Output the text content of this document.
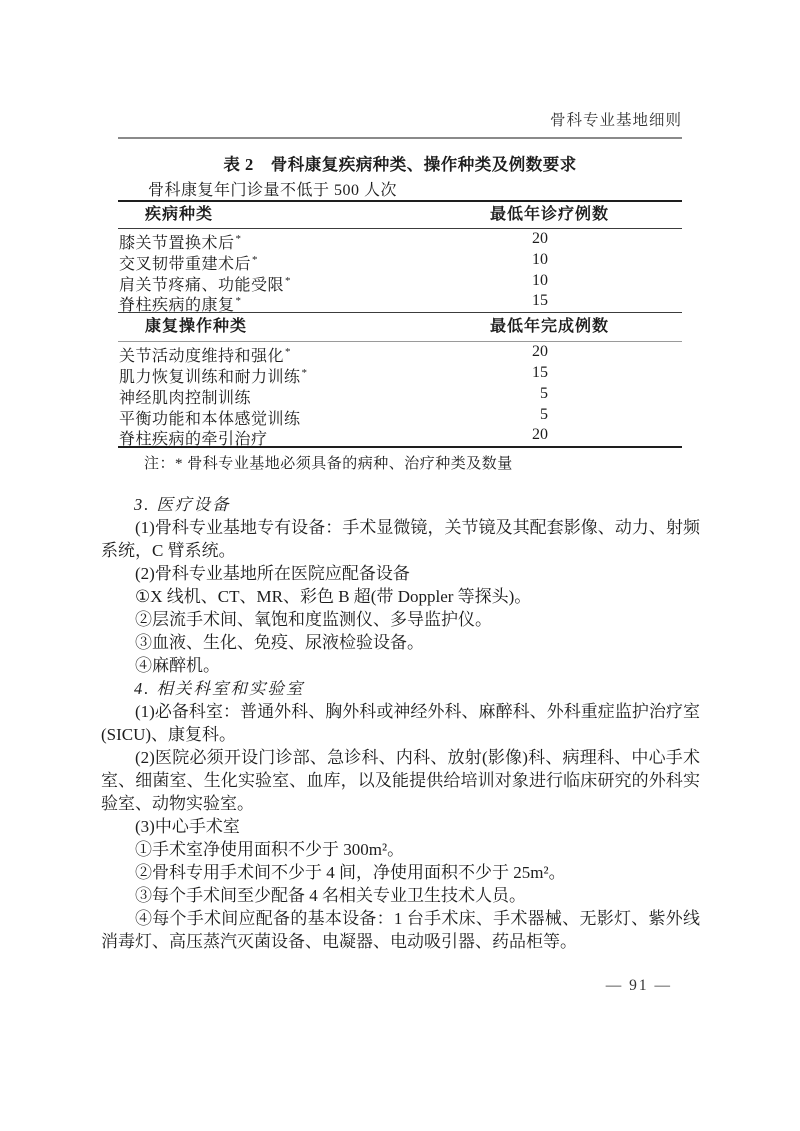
骨科专业基地细则
表 2　骨科康复疾病种类、操作种类及例数要求
骨科康复年门诊量不低于 500 人次
疾病种类	最低年诊疗例数
膝关节置换术后*	20
交叉韧带重建术后*	10
肩关节疼痛、功能受限*	10
脊柱疾病的康复*	15
康复操作种类	最低年完成例数
关节活动度维持和强化*	20
肌力恢复训练和耐力训练*	15
神经肌肉控制训练	5
平衡功能和本体感觉训练	5
脊柱疾病的牵引治疗	20
注：* 骨科专业基地必须具备的病种、治疗种类及数量

3. 医疗设备

(1)骨科专业基地专有设备：手术显微镜，关节镜及其配套影像、动力、射频系统，C 臂系统。

(2)骨科专业基地所在医院应配备设备

①X 线机、CT、MR、彩色 B 超(带 Doppler 等探头)。

②层流手术间、氧饱和度监测仪、多导监护仪。

③血液、生化、免疫、尿液检验设备。

④麻醉机。

4. 相关科室和实验室

(1)必备科室：普通外科、胸外科或神经外科、麻醉科、外科重症监护治疗室(SICU)、康复科。

(2)医院必须开设门诊部、急诊科、内科、放射(影像)科、病理科、中心手术室、细菌室、生化实验室、血库，以及能提供给培训对象进行临床研究的外科实验室、动物实验室。

(3)中心手术室

①手术室净使用面积不少于 300m²。

②骨科专用手术间不少于 4 间，净使用面积不少于 25m²。

③每个手术间至少配备 4 名相关专业卫生技术人员。

④每个手术间应配备的基本设备：1 台手术床、手术器械、无影灯、紫外线消毒灯、高压蒸汽灭菌设备、电凝器、电动吸引器、药品柜等。

— 91 —
